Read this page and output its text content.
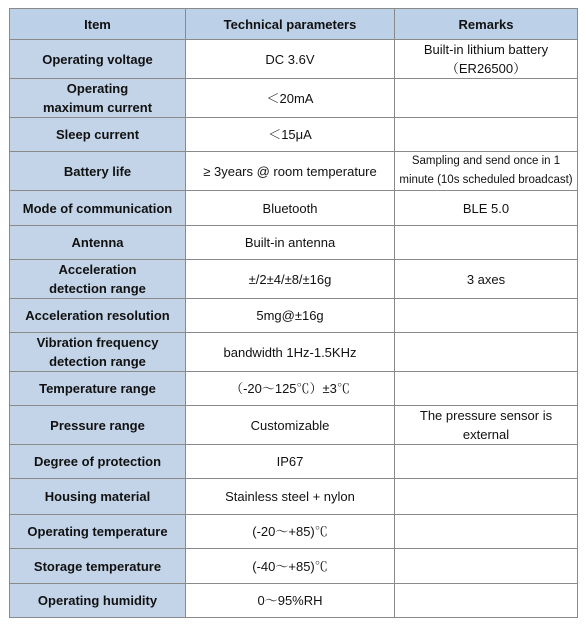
Item	Technical parameters	Remarks
Operating voltage	DC 3.6V	Built-in lithium battery
（ER26500）
Operating
maximum current	＜20mA	
Sleep current	＜15μA	
Battery life	≥ 3years @ room temperature	Sampling and send once in 1
minute (10s scheduled broadcast)
Mode of communication	Bluetooth	BLE 5.0
Antenna	Built-in antenna	
Acceleration
detection range	±/2±4/±8/±16g	3 axes
Acceleration resolution	5mg@±16g	
Vibration frequency
detection range	bandwidth 1Hz-1.5KHz	
Temperature range	（-20～125℃）±3℃	
Pressure range	Customizable	The pressure sensor is
external
Degree of protection	IP67	
Housing material	Stainless steel + nylon	
Operating temperature	(-20～+85)℃	
Storage temperature	(-40～+85)℃	
Operating humidity	0～95%RH	
